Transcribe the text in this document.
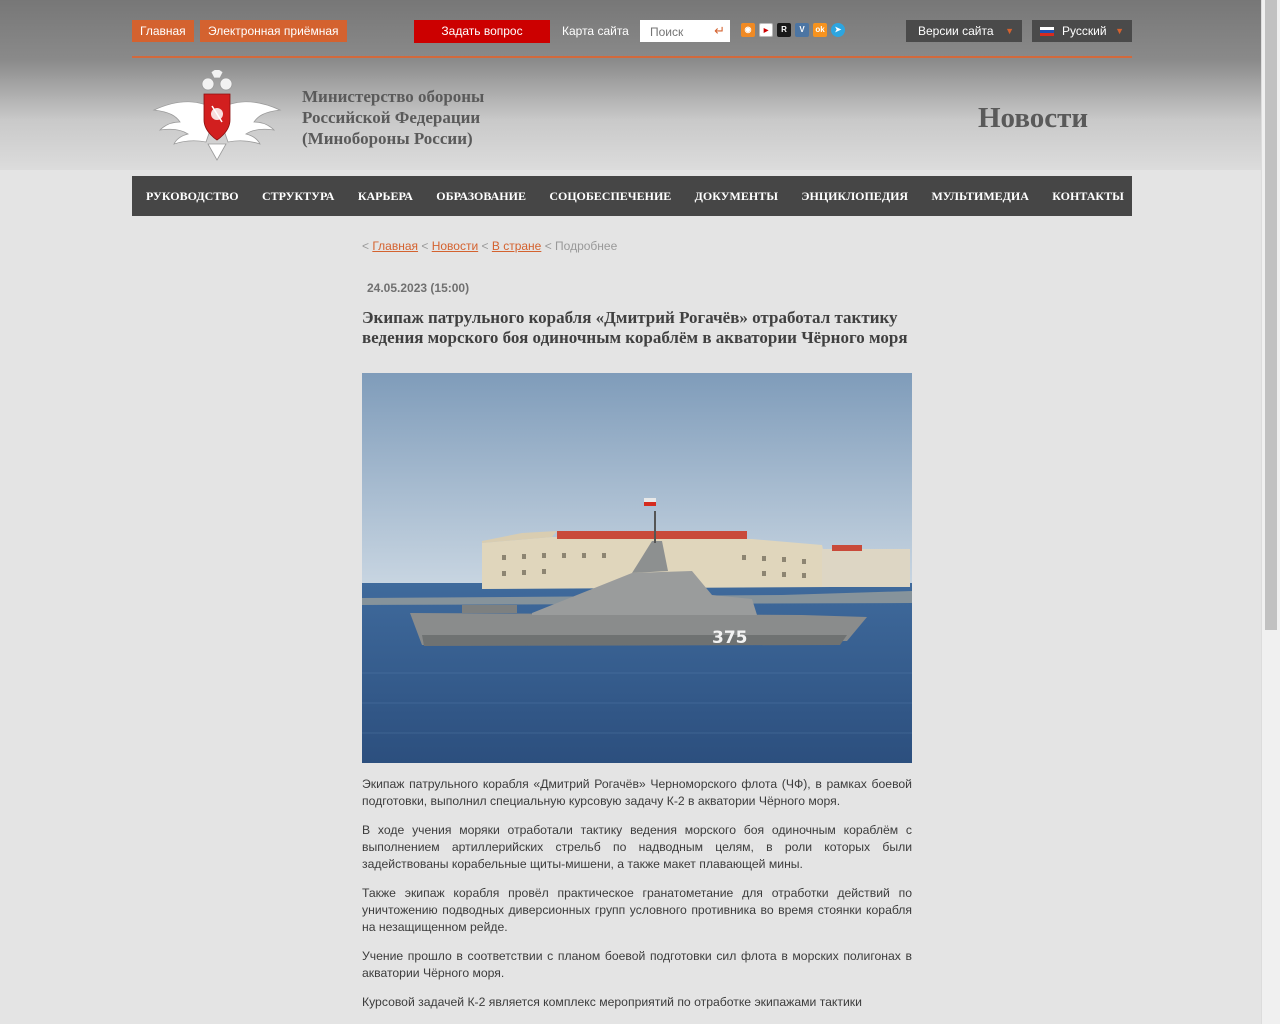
Главная	Электронная приёмная	Задать вопрос	Карта сайта
Поиск	↵	◉	▶	R	V	ok	➤	Версии сайта ▼	Русский ▼
Министерство обороны
Российской Федерации
(Минобороны России)
Новости
РУКОВОДСТВО СТРУКТУРА КАРЬЕРА ОБРАЗОВАНИЕ СОЦОБЕСПЕЧЕНИЕ ДОКУМЕНТЫ ЭНЦИКЛОПЕДИЯ МУЛЬТИМЕДИА КОНТАКТЫ
< Главная < Новости < В стране < Подробнее
24.05.2023 (15:00)
Экипаж патрульного корабля «Дмитрий Рогачёв» отработал тактику ведения морского боя одиночным кораблём в акватории Чёрного моря
375

Экипаж патрульного корабля «Дмитрий Рогачёв» Черноморского флота (ЧФ), в рамках боевой подготовки, выполнил специальную курсовую задачу К-2 в акватории Чёрного моря.

В ходе учения моряки отработали тактику ведения морского боя одиночным кораблём с выполнением артиллерийских стрельб по надводным целям, в роли которых были задействованы корабельные щиты-мишени, а также макет плавающей мины.

Также экипаж корабля провёл практическое гранатометание для отработки действий по уничтожению подводных диверсионных групп условного противника во время стоянки корабля на незащищенном рейде.

Учение прошло в соответствии с планом боевой подготовки сил флота в морских полигонах в акватории Чёрного моря.

Курсовой задачей К-2 является комплекс мероприятий по отработке экипажами тактики
